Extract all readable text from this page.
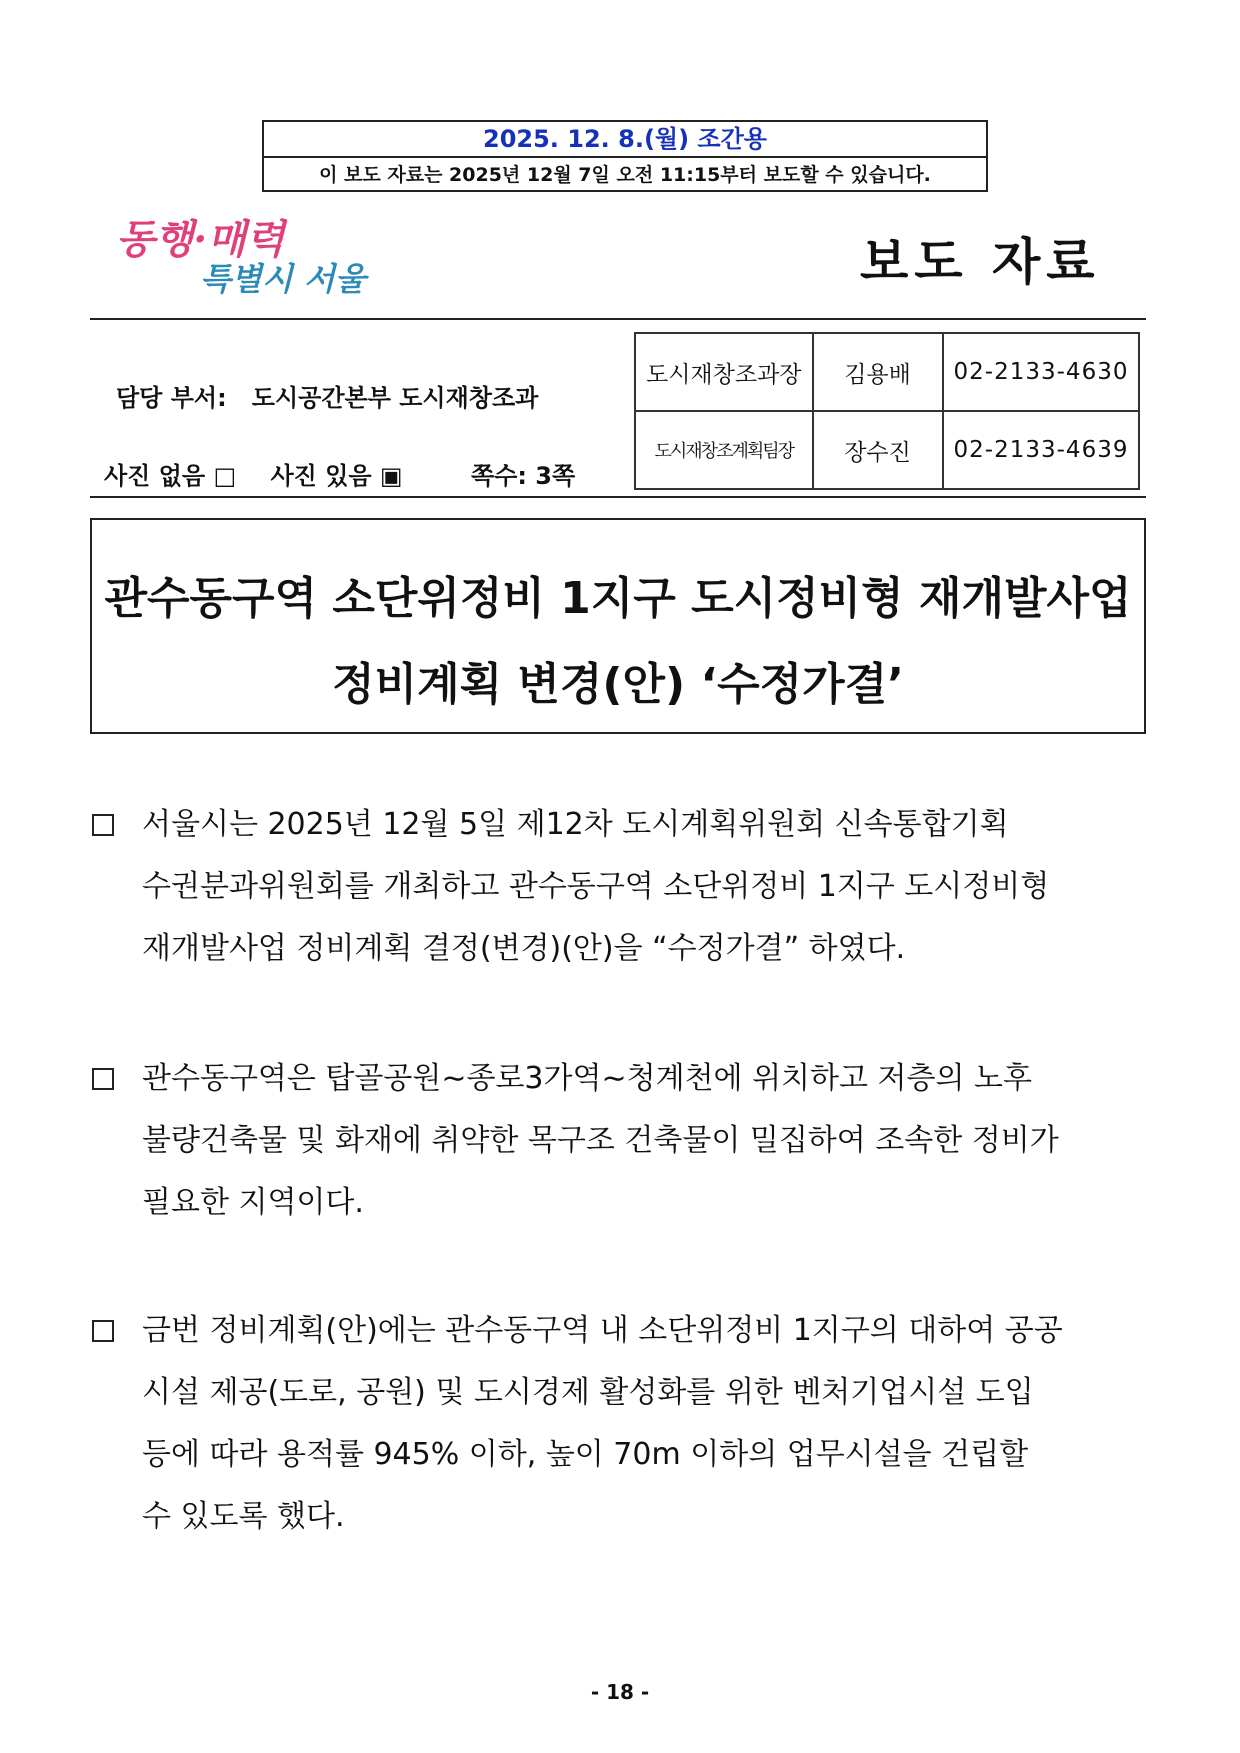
2025. 12. 8.(월) 조간용
이 보도 자료는 2025년 12월 7일 오전 11:15부터 보도할 수 있습니다.
동행·매력
특별시 서울	보도 자료
담당 부서: 도시공간본부 도시재창조과
사진 없음 □ 사진 있음 ▣	쪽수: 3쪽
도시재창조과장	김용배	02-2133-4630
도시재창조계획팀장	장수진	02-2133-4639
관수동구역 소단위정비 1지구 도시정비형 재개발사업
정비계획 변경(안) ‘수정가결’
서울시는 2025년 12월 5일 제12차 도시계획위원회 신속통합기획
수권분과위원회를 개최하고 관수동구역 소단위정비 1지구 도시정비형
재개발사업 정비계획 결정(변경)(안)을 “수정가결” 하였다.
관수동구역은 탑골공원∼종로3가역∼청계천에 위치하고 저층의 노후
불량건축물 및 화재에 취약한 목구조 건축물이 밀집하여 조속한 정비가
필요한 지역이다.
금번 정비계획(안)에는 관수동구역 내 소단위정비 1지구의 대하여 공공
시설 제공(도로, 공원) 및 도시경제 활성화를 위한 벤처기업시설 도입
등에 따라 용적률 945% 이하, 높이 70m 이하의 업무시설을 건립할
수 있도록 했다.
- 18 -
